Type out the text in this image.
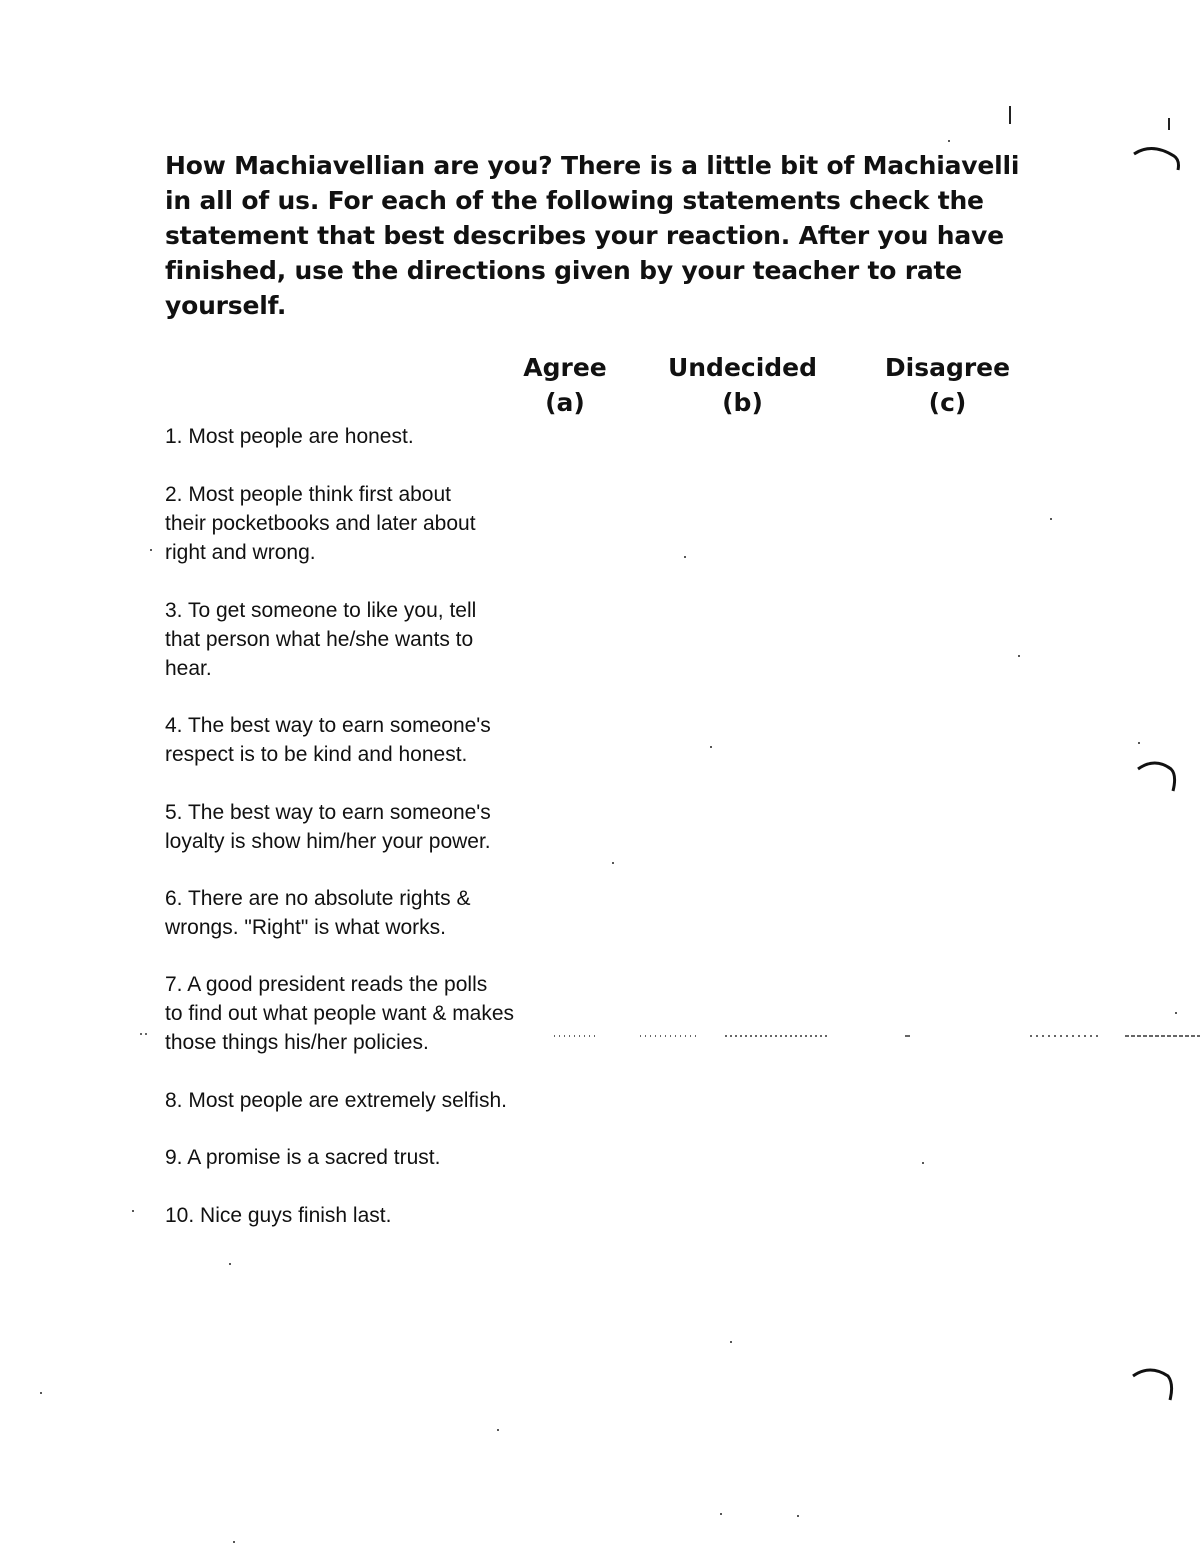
How Machiavellian are you? There is a little bit of Machiavelli in all of us. For each of the following statements check the statement that best describes your reaction. After you have finished, use the directions given by your teacher to rate yourself.
Agree
(a)
Undecided
(b)
Disagree
(c)
1. Most people are honest.
2. Most people think first about
their pocketbooks and later about
right and wrong.
3. To get someone to like you, tell
that person what he/she wants to
hear.
4. The best way to earn someone's
respect is to be kind and honest.
5. The best way to earn someone's
loyalty is show him/her your power.
6. There are no absolute rights &
wrongs. "Right" is what works.
7. A good president reads the polls
to find out what people want & makes
those things his/her policies.
8. Most people are extremely selfish.
9. A promise is a sacred trust.
10. Nice guys finish last.
